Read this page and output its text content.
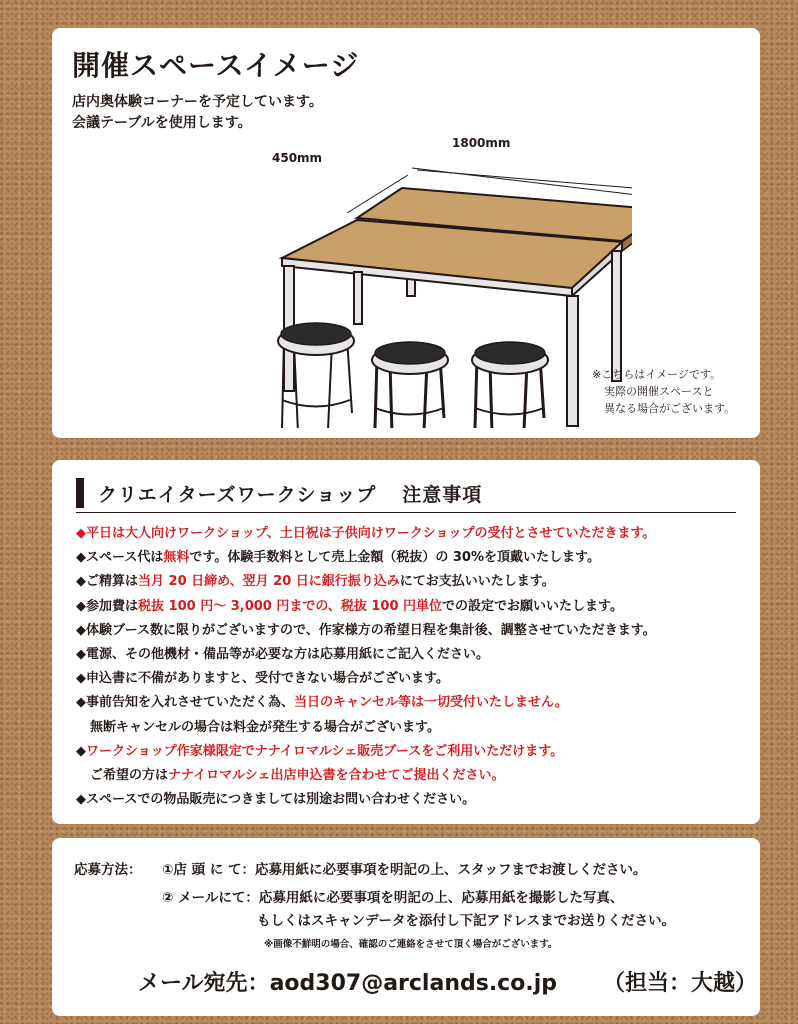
開催スペースイメージ
店内奥体験コーナーを予定しています。
会議テーブルを使用します。
450mm
1800mm
※こちらはイメージです。
実際の開催スペースと
異なる場合がございます。
クリエイターズワークショップ 注意事項
◆平日は大人向けワークショップ、土日祝は子供向けワークショップの受付とさせていただきます。
◆スペース代は無料です。体験手数料として売上金額（税抜）の 30%を頂戴いたします。
◆ご精算は当月 20 日締め、翌月 20 日に銀行振り込みにてお支払いいたします。
◆参加費は税抜 100 円～ 3,000 円までの、税抜 100 円単位での設定でお願いいたします。
◆体験ブース数に限りがございますので、作家様方の希望日程を集計後、調整させていただきます。
◆電源、その他機材・備品等が必要な方は応募用紙にご記入ください。
◆申込書に不備がありますと、受付できない場合がございます。
◆事前告知を入れさせていただく為、当日のキャンセル等は一切受付いたしません。
無断キャンセルの場合は料金が発生する場合がございます。
◆ワークショップ作家様限定でナナイロマルシェ販売ブースをご利用いただけます。
ご希望の方はナナイロマルシェ出店申込書を合わせてご提出ください。
◆スペースでの物品販売につきましては別途お問い合わせください。
応募方法： ①店 頭 に て：応募用紙に必要事項を明記の上、スタッフまでお渡しください。
② メールにて：応募用紙に必要事項を明記の上、応募用紙を撮影した写真、
もしくはスキャンデータを添付し下記アドレスまでお送りください。
※画像不鮮明の場合、確認のご連絡をさせて頂く場合がございます。
メール宛先：aod307@arclands.co.jp （担当：大越）
